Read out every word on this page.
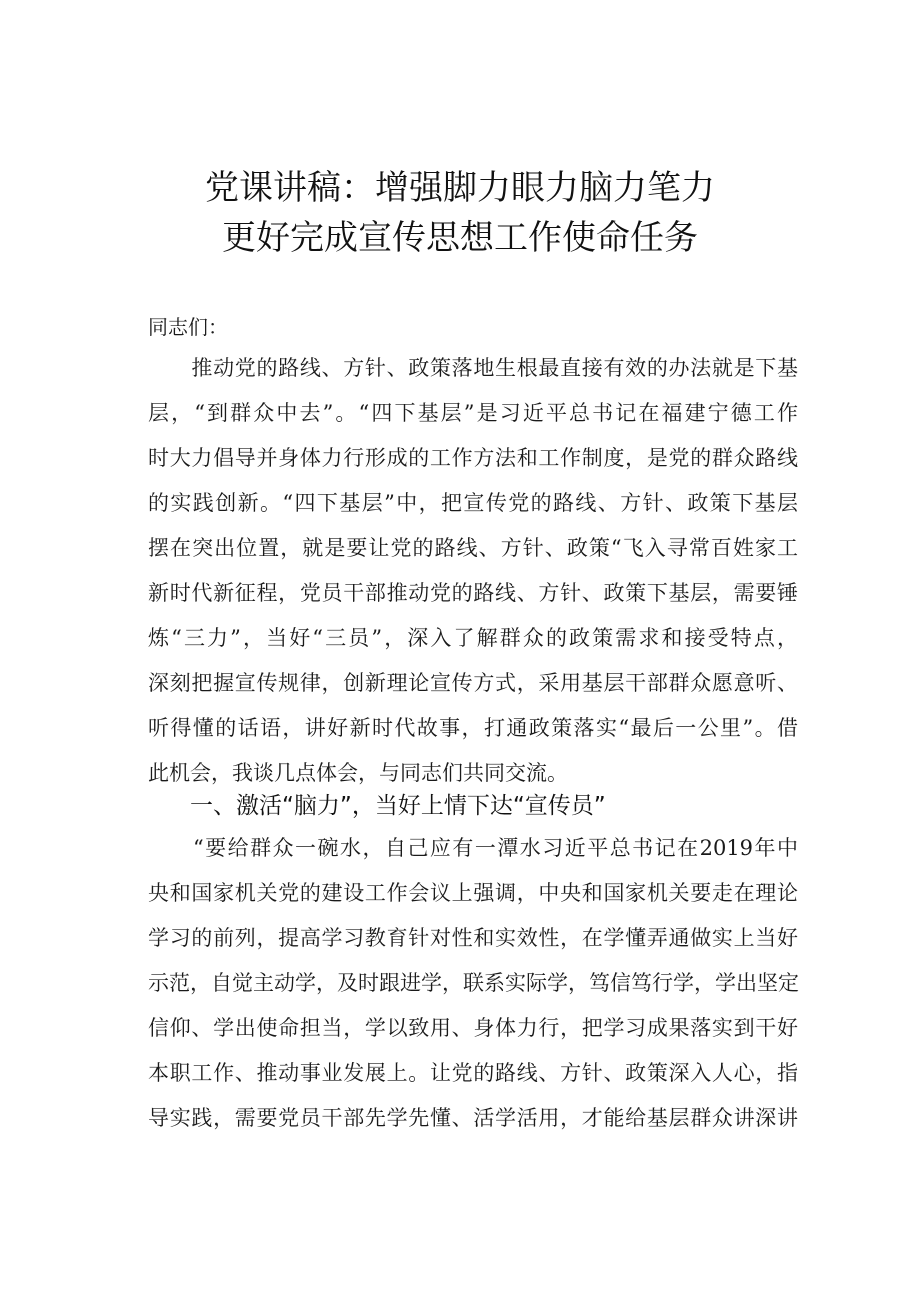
党课讲稿：增强脚力眼力脑力笔力
更好完成宣传思想工作使命任务
同志们：
　　推动党的路线、方针、政策落地生根最直接有效的办法就是下基
层，“到群众中去”。“四下基层”是习近平总书记在福建宁德工作
时大力倡导并身体力行形成的工作方法和工作制度，是党的群众路线
的实践创新。“四下基层”中，把宣传党的路线、方针、政策下基层
摆在突出位置，就是要让党的路线、方针、政策“飞入寻常百姓家工
新时代新征程，党员干部推动党的路线、方针、政策下基层，需要锤
炼“三力”，当好“三员”，深入了解群众的政策需求和接受特点，
深刻把握宣传规律，创新理论宣传方式，采用基层干部群众愿意听、
听得懂的话语，讲好新时代故事，打通政策落实“最后一公里”。借
此机会，我谈几点体会，与同志们共同交流。
一、激活“脑力”，当好上情下达“宣传员”
　　“要给群众一碗水，自己应有一潭水习近平总书记在2019年中
央和国家机关党的建设工作会议上强调，中央和国家机关要走在理论
学习的前列，提高学习教育针对性和实效性，在学懂弄通做实上当好
示范，自觉主动学，及时跟进学，联系实际学，笃信笃行学，学出坚定
信仰、学出使命担当，学以致用、身体力行，把学习成果落实到干好
本职工作、推动事业发展上。让党的路线、方针、政策深入人心，指
导实践，需要党员干部先学先懂、活学活用，才能给基层群众讲深讲
